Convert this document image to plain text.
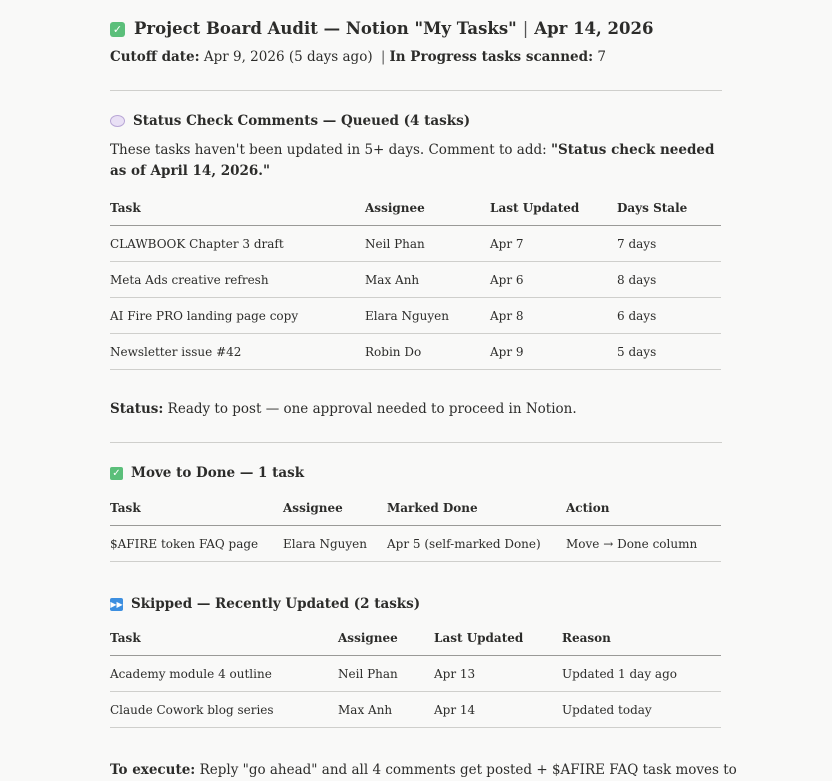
✓ Project Board Audit — Notion "My Tasks" | Apr 14, 2026
Cutoff date: Apr 9, 2026 (5 days ago) | In Progress tasks scanned: 7
Status Check Comments — Queued (4 tasks)
These tasks haven't been updated in 5+ days. Comment to add: "Status check needed as of April 14, 2026."
Task	Assignee	Last Updated	Days Stale
CLAWBOOK Chapter 3 draft	Neil Phan	Apr 7	7 days
Meta Ads creative refresh	Max Anh	Apr 6	8 days
AI Fire PRO landing page copy	Elara Nguyen	Apr 8	6 days
Newsletter issue #42	Robin Do	Apr 9	5 days
Status: Ready to post — one approval needed to proceed in Notion.
✓ Move to Done — 1 task
Task	Assignee	Marked Done	Action
$AFIRE token FAQ page	Elara Nguyen	Apr 5 (self-marked Done)	Move → Done column
▶▶ Skipped — Recently Updated (2 tasks)
Task	Assignee	Last Updated	Reason
Academy module 4 outline	Neil Phan	Apr 13	Updated 1 day ago
Claude Cowork blog series	Max Anh	Apr 14	Updated today
To execute: Reply "go ahead" and all 4 comments get posted + $AFIRE FAQ task moves to
